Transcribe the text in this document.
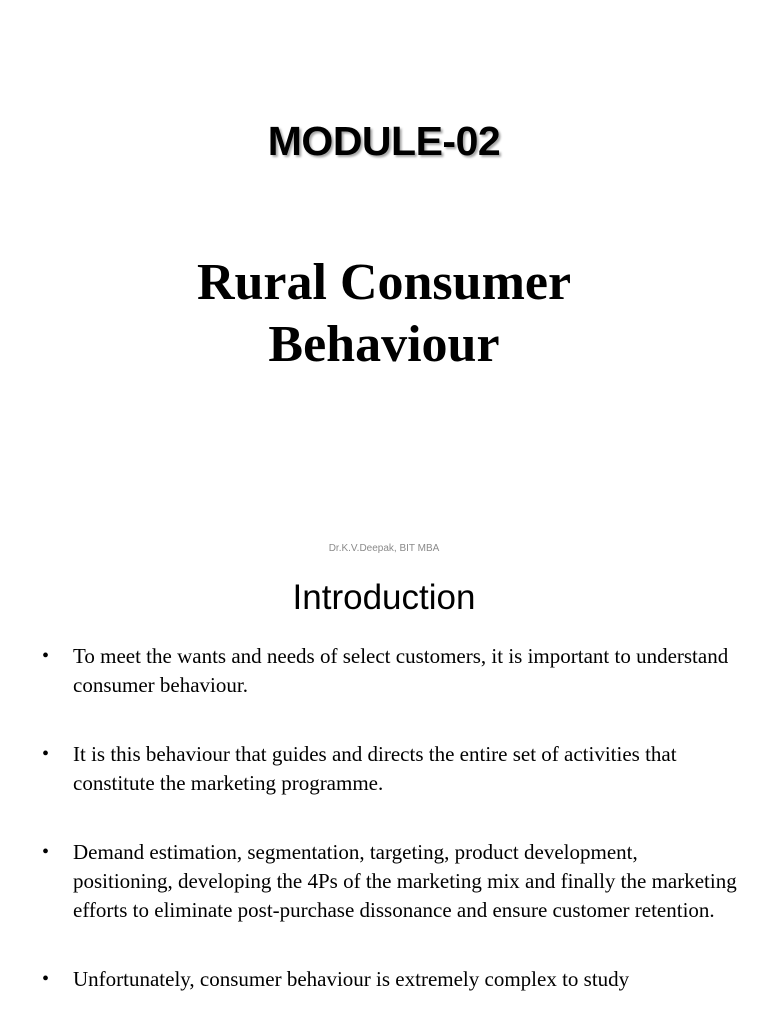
MODULE-02
Rural Consumer
Behaviour
Dr.K.V.Deepak, BIT MBA
Introduction
• To meet the wants and needs of select customers, it is important to understand consumer behaviour.
• It is this behaviour that guides and directs the entire set of activities that constitute the marketing programme.
• Demand estimation, segmentation, targeting, product development, positioning, developing the 4Ps of the marketing mix and finally the marketing efforts to eliminate post-purchase dissonance and ensure customer retention.
• Unfortunately, consumer behaviour is extremely complex to study
